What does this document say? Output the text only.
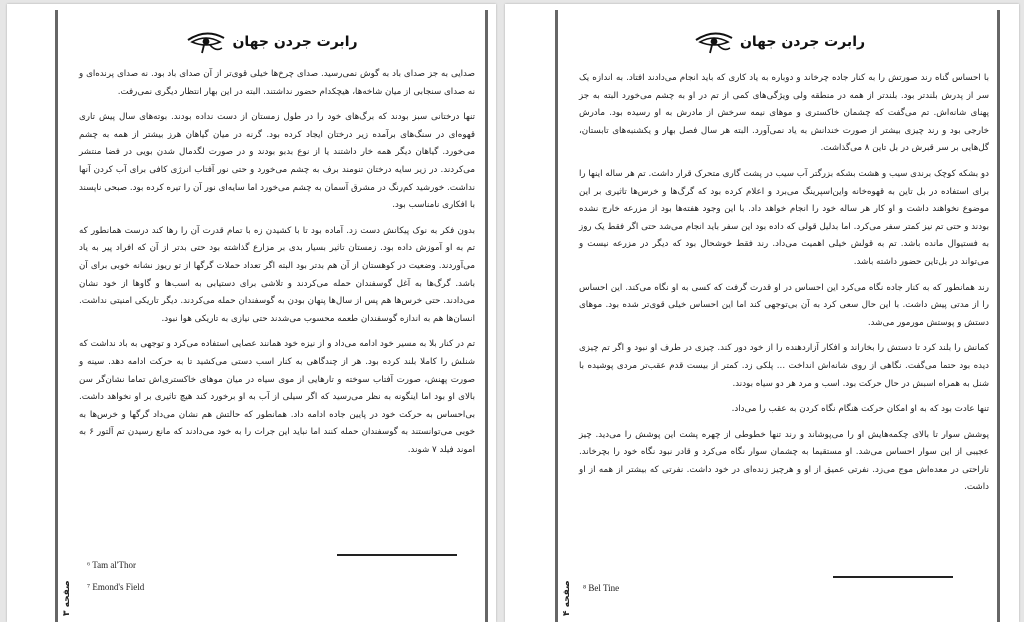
رابرت جردن جهان

صدایی به جز صدای باد به گوش نمی‌رسید. صدای چرخ‌ها خیلی قوی‌تر از آن صدای باد بود. نه صدای پرنده‌ای و نه صدای سنجابی از میان شاخه‌ها، هیچکدام حضور نداشتند. البته در این بهار انتظار دیگری نمی‌رفت.

تنها درختانی سبز بودند که برگ‌های خود را در طول زمستان از دست نداده بودند. بوته‌های سال پیش تاری قهوه‌ای در سنگ‌های برآمده زیر درختان ایجاد کرده بود. گرنه در میان گیاهان هرز بیشتر از همه به چشم می‌خورد. گیاهان دیگر همه خار داشتند یا از نوع بدبو بودند و در صورت لگدمال شدن بویی در فضا منتشر می‌کردند. در زیر سایه درختان تنومند برف به چشم می‌خورد و حتی نور آفتاب انرژی کافی برای آب کردن آنها نداشت. خورشید کم‌رنگ در مشرق آسمان به چشم می‌خورد اما سایه‌ای نور آن را تیره کرده بود. صبحی ناپسند با افکاری نامناسب بود.

بدون فکر به نوک پیکانش دست زد. آماده بود تا با کشیدن زه با تمام قدرت آن را رها کند درست همانطور که تم به او آموزش داده بود. زمستان تاثیر بسیار بدی بر مزارع گذاشته بود حتی بدتر از آن که افراد پیر به یاد می‌آوردند. وضعیت در کوهستان از آن هم بدتر بود البته اگر تعداد حملات گرگها از تو ریوز نشانه خوبی برای آن باشد. گرگ‌ها به آغل گوسفندان حمله می‌کردند و تلاشی برای دستیابی به اسب‌ها و گاوها از خود نشان می‌دادند. حتی خرس‌ها هم پس از سال‌ها پنهان بودن به گوسفندان حمله می‌کردند. دیگر تاریکی امنیتی نداشت. انسان‌ها هم به اندازه گوسفندان طعمه محسوب می‌شدند حتی نیازی به تاریکی هوا نبود.

تم در کنار بلا به مسیر خود ادامه می‌داد و از نیزه خود همانند عصایی استفاده می‌کرد و توجهی به باد نداشت که شنلش را کاملا بلند کرده بود. هر از چندگاهی به کنار اسب دستی می‌کشید تا به حرکت ادامه دهد. سینه و صورت پهنش، صورت آفتاب سوخته و تارهایی از موی سیاه در میان موهای خاکستری‌اش تماما نشان‌گر سن بالای او بود اما اینگونه به نظر می‌رسید که اگر سیلی از آب به او برخورد کند هیچ تاثیری بر او نخواهد داشت. بی‌احساس به حرکت خود در پایین جاده ادامه داد. همانطور که حالتش هم نشان می‌داد گرگها و خرس‌ها به خوبی می‌توانستند به گوسفندان حمله کنند اما نباید این جرات را به خود می‌دادند که مانع رسیدن تم آلتور ۶ به اموند فیلد ۷ شوند.

⁶ Tam al'Thor
⁷ Emond's Field
صفحه ۳
رابرت جردن جهان

با احساس گناه رند صورتش را به کنار جاده چرخاند و دوباره به یاد کاری که باید انجام می‌دادند افتاد. به اندازه یک سر از پدرش بلندتر بود. بلندتر از همه در منطقه ولی ویژگی‌های کمی از تم در او به چشم می‌خورد البته به جز پهنای شانه‌اش. تم می‌گفت که چشمان خاکستری و موهای نیمه سرخش از مادرش به او رسیده بود. مادرش خارجی بود و رند چیزی بیشتر از صورت خندانش به یاد نمی‌آورد. البته هر سال فصل بهار و یکشنبه‌های تابستان، گل‌هایی بر سر قبرش در بل تاین ۸ می‌گذاشت.

دو بشکه کوچک برندی سیب و هشت بشکه بزرگتر آب سیب در پشت گاری متحرک قرار داشت. تم هر ساله اینها را برای استفاده در بل تاین به قهوه‌خانه واین‌اسپرینگ می‌برد و اعلام کرده بود که گرگ‌ها و خرس‌ها تاثیری بر این موضوع نخواهند داشت و او کار هر ساله خود را انجام خواهد داد. با این وجود هفته‌ها بود از مزرعه خارج نشده بودند و حتی تم نیز کمتر سفر می‌کرد. اما بدلیل قولی که داده بود این سفر باید انجام می‌شد حتی اگر فقط یک روز به فستیوال مانده باشد. تم به قولش خیلی اهمیت می‌داد. رند فقط خوشحال بود که دیگر در مزرعه نیست و می‌تواند در بل‌تاین حضور داشته باشد.

رند همانطور که به کنار جاده نگاه می‌کرد این احساس در او قدرت گرفت که کسی به او نگاه می‌کند. این احساس را از مدتی پیش داشت. با این حال سعی کرد به آن بی‌توجهی کند اما این احساس خیلی قوی‌تر شده بود. موهای دستش و پوستش مورمور می‌شد.

کمانش را بلند کرد تا دستش را بخاراند و افکار آزاردهنده را از خود دور کند. چیزی در طرف او نبود و اگر تم چیزی دیده بود حتما می‌گفت. نگاهی از روی شانه‌اش انداخت ... پلکی زد. کمتر از بیست قدم عقب‌تر مردی پوشیده با شنل به همراه اسبش در حال حرکت بود. اسب و مرد هر دو سیاه بودند.

تنها عادت بود که به او امکان حرکت هنگام نگاه کردن به عقب را می‌داد.

پوشش سوار تا بالای چکمه‌هایش او را می‌پوشاند و رند تنها خطوطی از چهره پشت این پوشش را می‌دید. چیز عجیبی از این سوار احساس می‌شد. او مستقیما به چشمان سوار نگاه می‌کرد و قادر نبود نگاه خود را بچرخاند. ناراحتی در معده‌اش موج می‌زد. نفرتی عمیق از او و هرچیز زنده‌ای در خود داشت. نفرتی که بیشتر از همه از او داشت.

⁸ Bel Tine
صفحه ۴
